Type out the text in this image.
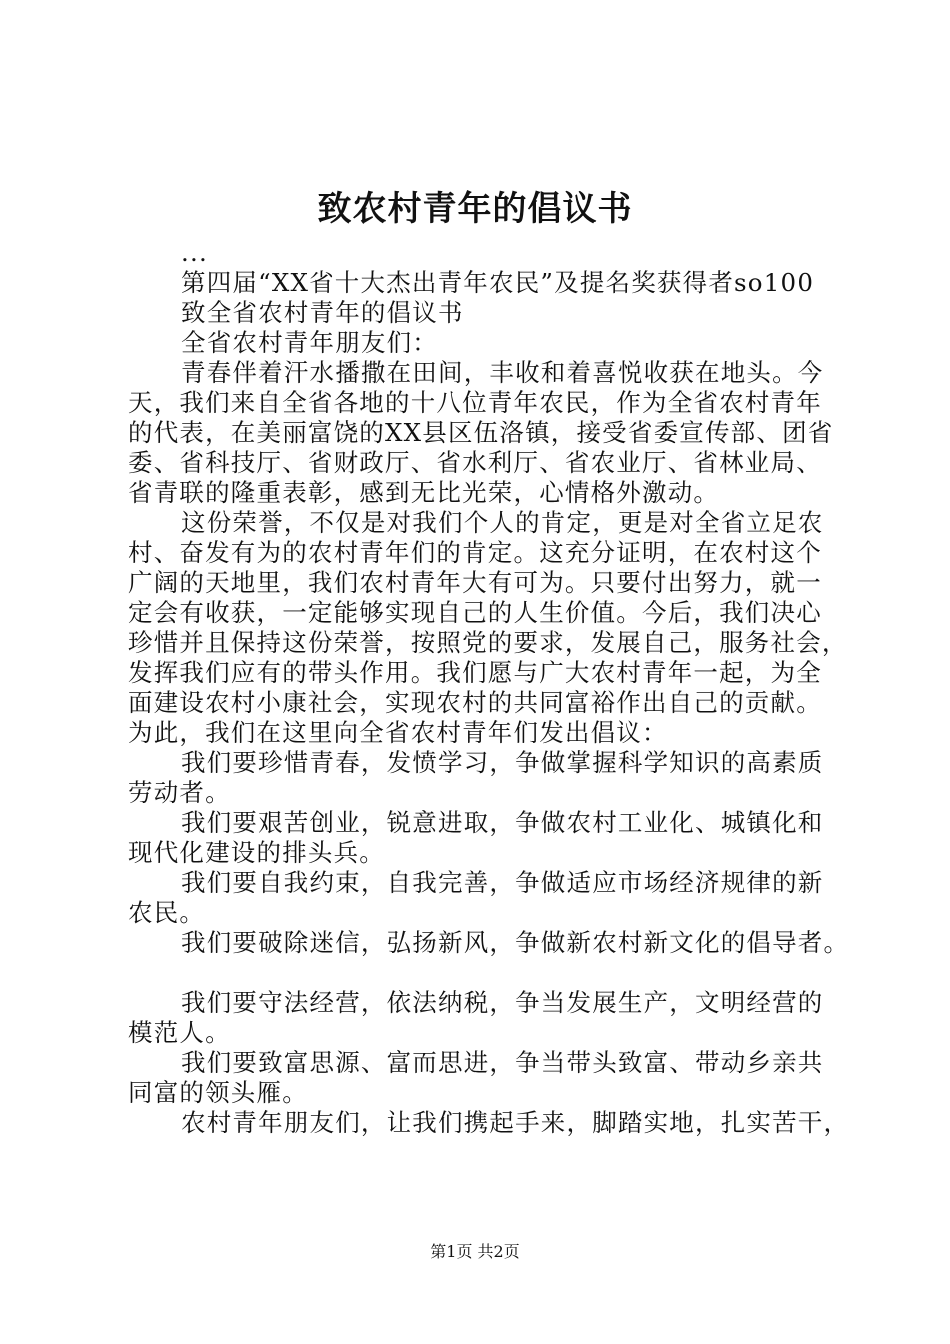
致农村青年的倡议书
...
第四届“XX省十大杰出青年农民”及提名奖获得者so100
致全省农村青年的倡议书
全省农村青年朋友们：
青春伴着汗水播撒在田间，丰收和着喜悦收获在地头。今
天，我们来自全省各地的十八位青年农民，作为全省农村青年
的代表，在美丽富饶的XX县区伍洛镇，接受省委宣传部、团省
委、省科技厅、省财政厅、省水利厅、省农业厅、省林业局、
省青联的隆重表彰，感到无比光荣，心情格外激动。
这份荣誉，不仅是对我们个人的肯定，更是对全省立足农
村、奋发有为的农村青年们的肯定。这充分证明，在农村这个
广阔的天地里，我们农村青年大有可为。只要付出努力，就一
定会有收获，一定能够实现自己的人生价值。今后，我们决心
珍惜并且保持这份荣誉，按照党的要求，发展自己，服务社会，
发挥我们应有的带头作用。我们愿与广大农村青年一起，为全
面建设农村小康社会，实现农村的共同富裕作出自己的贡献。
为此，我们在这里向全省农村青年们发出倡议：
我们要珍惜青春，发愤学习，争做掌握科学知识的高素质
劳动者。
我们要艰苦创业，锐意进取，争做农村工业化、城镇化和
现代化建设的排头兵。
我们要自我约束，自我完善，争做适应市场经济规律的新
农民。
我们要破除迷信，弘扬新风，争做新农村新文化的倡导者。
我们要守法经营，依法纳税，争当发展生产，文明经营的
模范人。
我们要致富思源、富而思进，争当带头致富、带动乡亲共
同富的领头雁。
农村青年朋友们，让我们携起手来，脚踏实地，扎实苦干，
第1页 共2页
